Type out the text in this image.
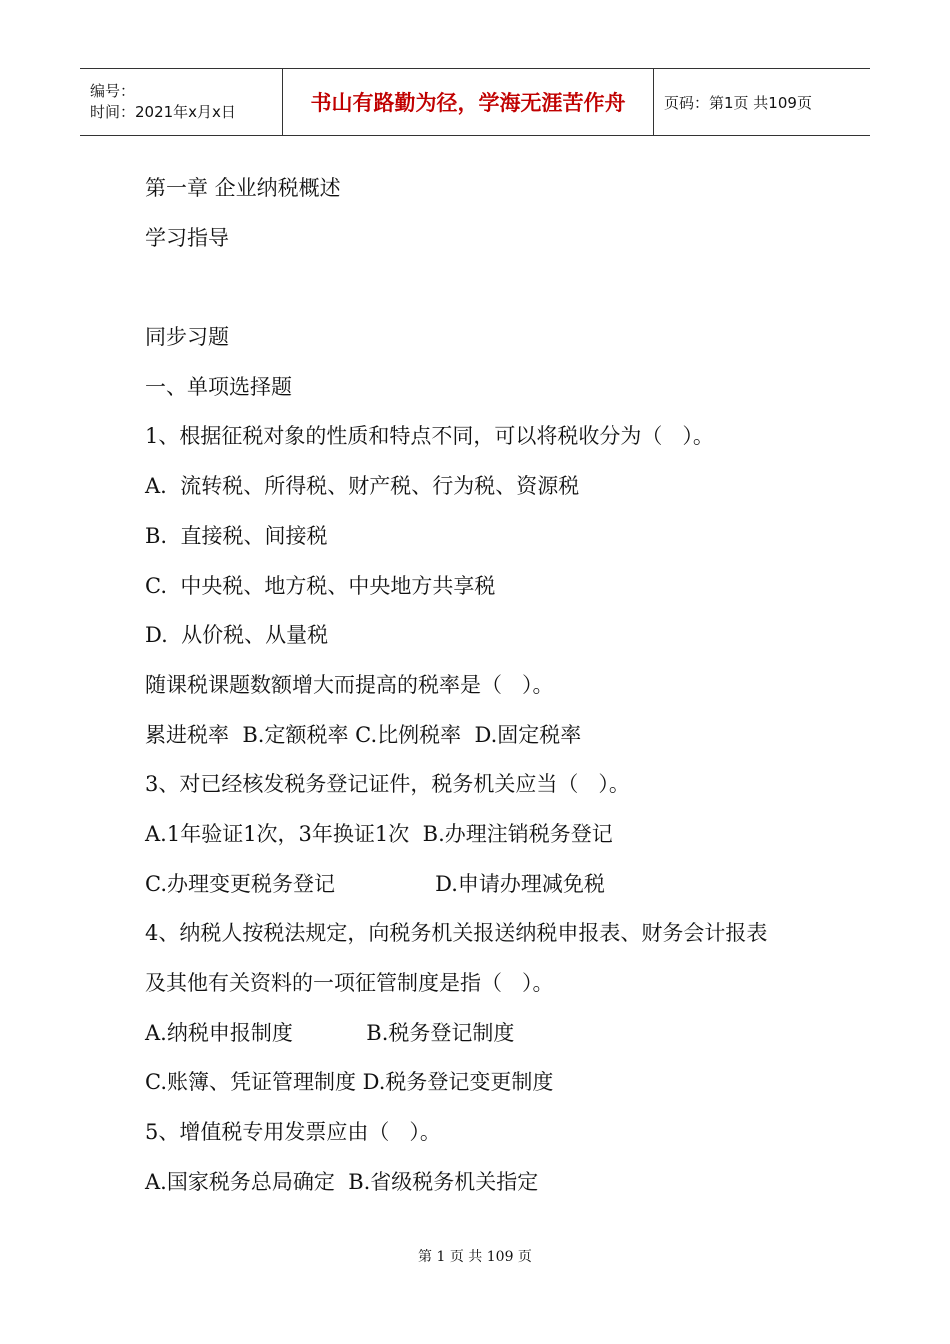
编号：
时间：2021年x月x日	书山有路勤为径，学海无涯苦作舟	页码：第1页 共109页
第一章 企业纳税概述
学习指导
同步习题
一、单项选择题
1、根据征税对象的性质和特点不同，可以将税收分为（   ）。
A.  流转税、所得税、财产税、行为税、资源税
B.  直接税、间接税
C.  中央税、地方税、中央地方共享税
D.  从价税、从量税
随课税课题数额增大而提高的税率是（   ）。
累进税率  B.定额税率 C.比例税率  D.固定税率
3、对已经核发税务登记证件，税务机关应当（   ）。
A.1年验证1次，3年换证1次  B.办理注销税务登记
C.办理变更税务登记               D.申请办理减免税
4、纳税人按税法规定，向税务机关报送纳税申报表、财务会计报表
及其他有关资料的一项征管制度是指（   ）。
A.纳税申报制度           B.税务登记制度
C.账簿、凭证管理制度 D.税务登记变更制度
5、增值税专用发票应由（   ）。
A.国家税务总局确定  B.省级税务机关指定
第 1 页 共 109 页
